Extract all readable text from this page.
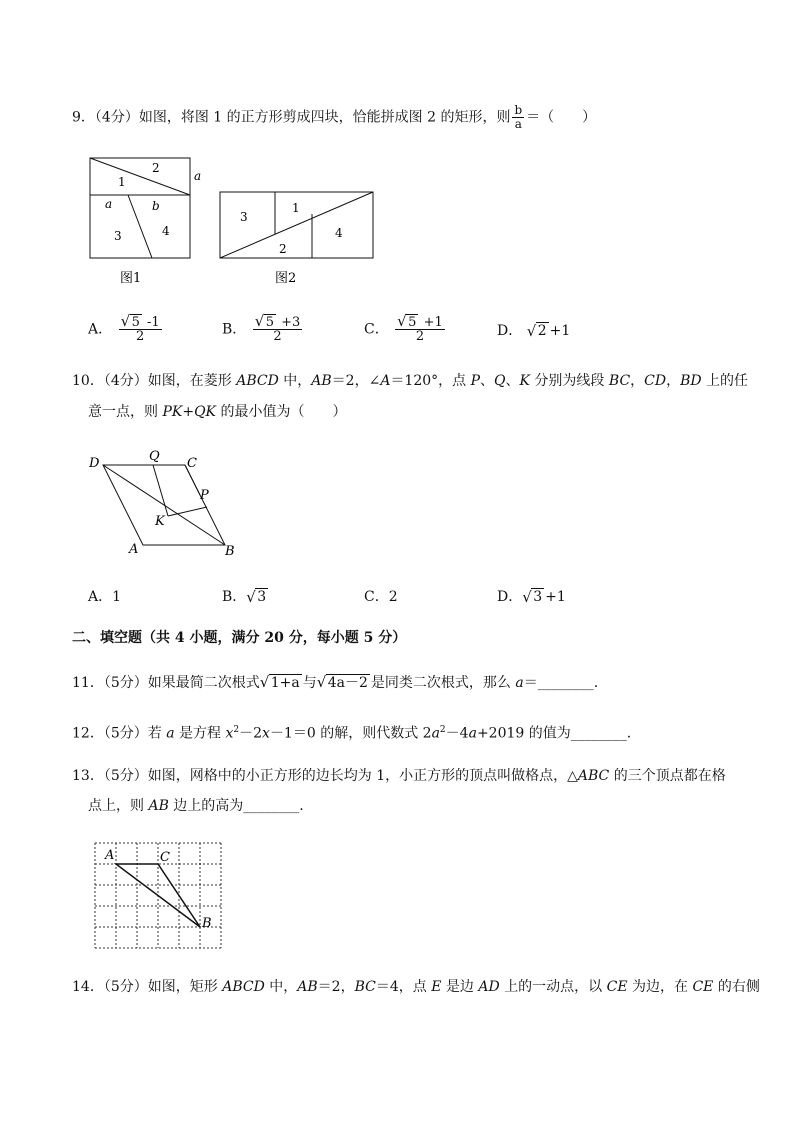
9．（4分）如图，将图 1 的正方形剪成四块，恰能拼成图 2 的矩形，则 $\frac{b}{a}$ ＝（　　）
1
2
a
a	b
3	4
图1
3
1
2
4
图2
A． $\frac{√ 5 -1}{2}$	B． $\frac{√ 5 +3}{2}$	C． $\frac{√ 5 +1}{2}$	D． √ 2 +1
10．（4分）如图，在菱形 ABCD 中，AB＝2，∠A＝120°，点 P、Q、K 分别为线段 BC，CD，BD 上的任
意一点，则 PK+QK 的最小值为（　　）
D	Q C
P
K
A	B
A．1	B． √ 3	C．2	D． √ 3 +1
二、填空题（共 4 小题，满分 20 分，每小题 5 分）
11．（5分）如果最简二次根式 √ 1+a 与 √ 4a－2 是同类二次根式，那么 a＝________.
12．（5分）若 a 是方程 $x^2-2x-1=0$ 的解，则代数式 $2a^2-4a+2019$ 的值为________.
13．（5分）如图，网格中的小正方形的边长均为 1，小正方形的顶点叫做格点，△ABC 的三个顶点都在格
点上，则 AB 边上的高为________.
A	C
B
14．（5分）如图，矩形 ABCD 中，AB＝2，BC＝4，点 E 是边 AD 上的一动点，以 CE 为边，在 CE 的右侧
